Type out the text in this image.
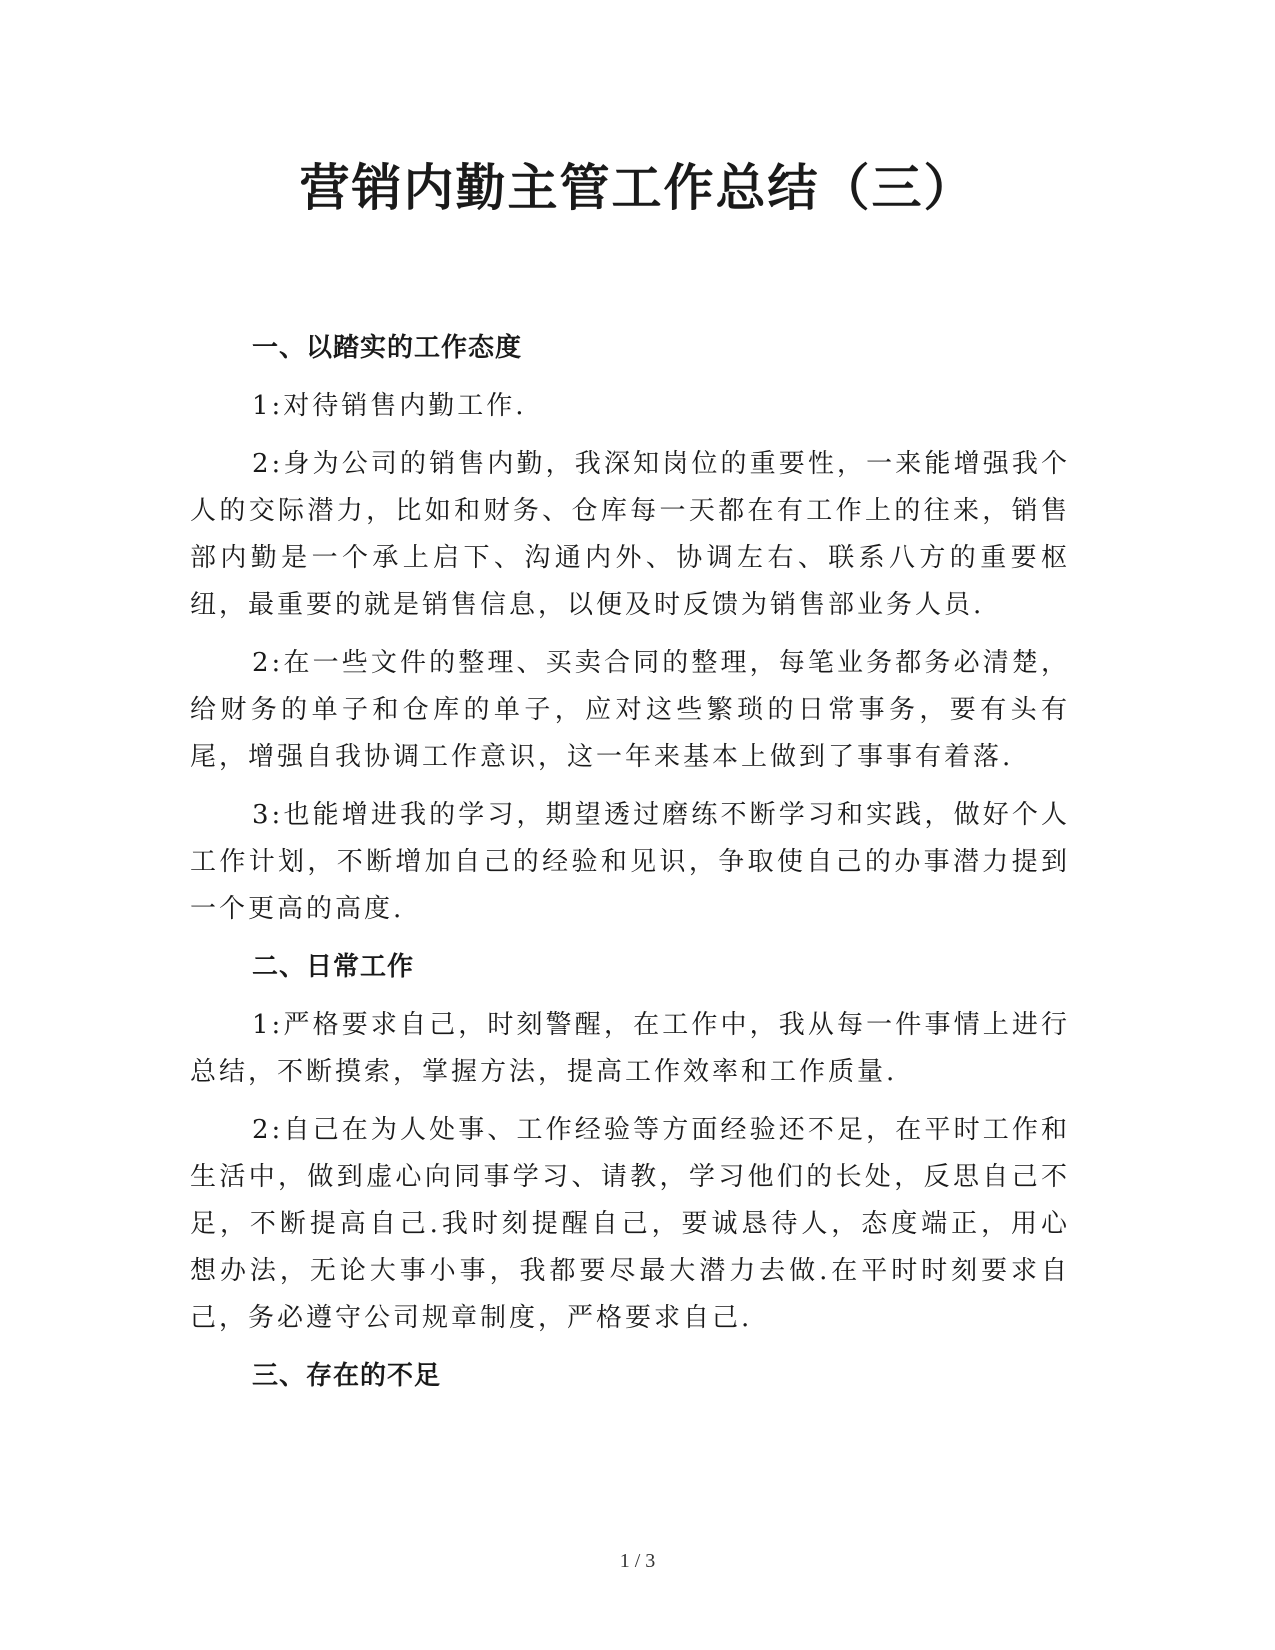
营销内勤主管工作总结（三）
一、以踏实的工作态度

1:对待销售内勤工作.

2:身为公司的销售内勤，我深知岗位的重要性，一来能增强我个人的交际潜力，比如和财务、仓库每一天都在有工作上的往来，销售部内勤是一个承上启下、沟通内外、协调左右、联系八方的重要枢纽，最重要的就是销售信息，以便及时反馈为销售部业务人员.

2:在一些文件的整理、买卖合同的整理，每笔业务都务必清楚，给财务的单子和仓库的单子，应对这些繁琐的日常事务，要有头有尾，增强自我协调工作意识，这一年来基本上做到了事事有着落.

3:也能增进我的学习，期望透过磨练不断学习和实践，做好个人工作计划，不断增加自己的经验和见识，争取使自己的办事潜力提到一个更高的高度.

二、日常工作

1:严格要求自己，时刻警醒，在工作中，我从每一件事情上进行总结，不断摸索，掌握方法，提高工作效率和工作质量.

2:自己在为人处事、工作经验等方面经验还不足，在平时工作和生活中，做到虚心向同事学习、请教，学习他们的长处，反思自己不足，不断提高自己.我时刻提醒自己，要诚恳待人，态度端正，用心想办法，无论大事小事，我都要尽最大潜力去做.在平时时刻要求自己，务必遵守公司规章制度，严格要求自己.

三、存在的不足
1 / 3
